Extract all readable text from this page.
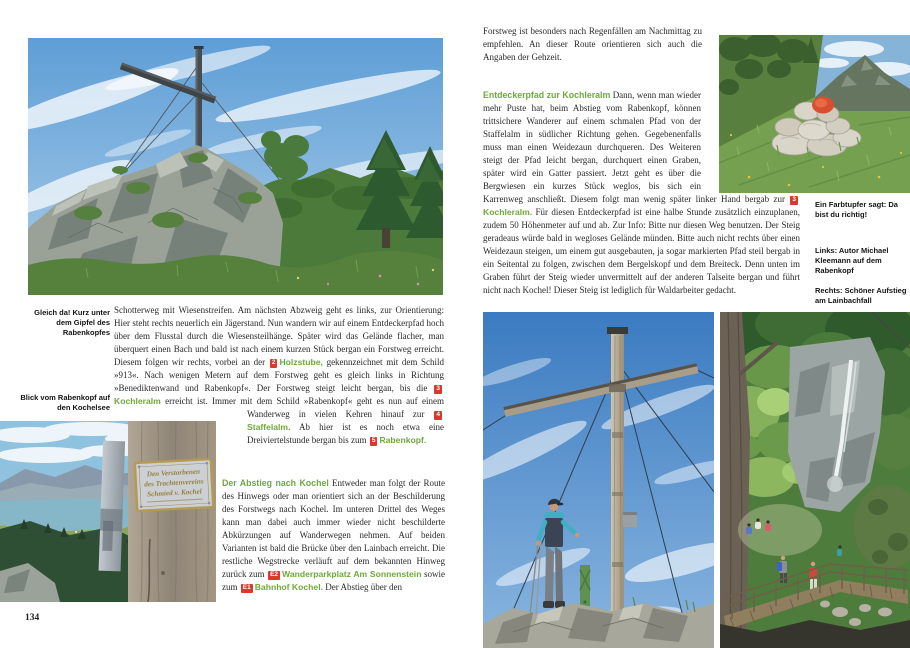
Gleich da! Kurz unter dem Gipfel des Rabenkopfes
Blick vom Rabenkopf auf den Kochelsee
Schotterweg mit Wiesenstreifen. Am nächsten Abzweig geht es links, zur Orientierung: Hier steht rechts neuerlich ein Jägerstand. Nun wandern wir auf einem Entdeckerpfad hoch über dem Flusstal durch die Wiesensteilhänge. Später wird das Gelände flacher, man überquert einen Bach und bald ist nach einem kurzen Stück bergan ein Forstweg erreicht. Diesem folgen wir rechts, vorbei an der 2 Holzstube, gekennzeichnet mit dem Schild »913«. Nach wenigen Metern auf dem Forstweg geht es gleich links in Richtung »Benediktenwand und Rabenkopf«. Der Forstweg steigt leicht bergan, bis die 3Kochleralm erreicht ist. Immer mit dem Schild »Rabenkopf« geht es nun auf einem Wanderweg in vielen Kehren hinauf zur 4Staffelalm. Ab hier ist es noch etwa eine Dreiviertelstunde bergan bis zum 5 Rabenkopf.
Den Verstorbenen
des Trachtenvereins
Schmied v. Kochel
Der Abstieg nach Kochel Entweder man folgt der Route des Hinwegs oder man orientiert sich an der Beschilderung des Forstwegs nach Kochel. Im unteren Drittel des Weges kann man dabei auch immer wieder nicht beschilderte Abkürzungen auf Wanderwegen nehmen. Auf beiden Varianten ist bald die Brücke über den Lainbach erreicht. Die restliche Wegstrecke verläuft auf dem bekannten Hinweg zurück zum E2 Wanderparkplatz Am Sonnenstein sowie zum E1 Bahnhof Kochel. Der Abstieg über den
134
Forstweg ist besonders nach Regenfällen am Nachmittag zu empfehlen. An dieser Route orientieren sich auch die Angaben der Gehzeit.
Entdeckerpfad zur Kochleralm Dann, wenn man wieder mehr Puste hat, beim Abstieg vom Rabenkopf, können trittsichere Wanderer auf einem schmalen Pfad von der Staffelalm in südlicher Richtung gehen. Gegebenenfalls muss man einen Weidezaun durchqueren. Des Weiteren steigt der Pfad leicht bergan, durchquert einen Graben, später wird ein Gatter passiert. Jetzt geht es über die Bergwiesen ein kurzes Stück weglos, bis sich ein Karrenweg anschließt. Diesem folgt man wenig später linker Hand bergab zur 3Kochleralm. Für diesen Entdeckerpfad ist eine halbe Stunde zusätzlich einzuplanen, zudem 50 Höhenmeter auf und ab. Zur Info: Bitte nur diesen Weg benutzen. Der Steig geradeaus würde bald in wegloses Gelände münden. Bitte auch nicht rechts über einen Weidezaun steigen, um einem gut ausgebauten, ja sogar markierten Pfad steil bergab in ein Seitental zu folgen, zwischen dem Bergelskopf und dem Breiteck. Denn unten im Graben führt der Steig wieder unvermittelt auf der anderen Talseite bergan und führt nicht nach Kochel! Dieser Steig ist lediglich für Waldarbeiter gedacht.
Ein Farbtupfer sagt: Da bist du richtig!
Links: Autor Michael Kleemann auf dem Rabenkopf
Rechts: Schöner Aufstieg am Lainbachfall
